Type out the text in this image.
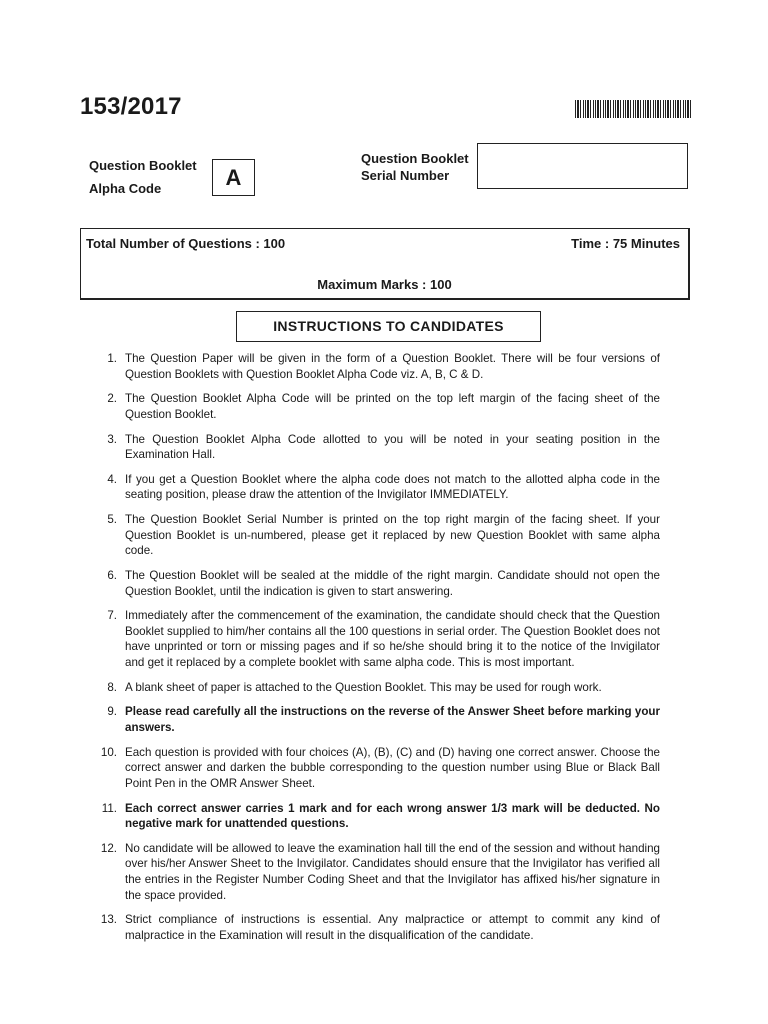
153/2017
Question Booklet
Alpha Code	A
Question Booklet
Serial Number
Total Number of Questions : 100	Time : 75 Minutes
Maximum Marks : 100
INSTRUCTIONS TO CANDIDATES
1. The Question Paper will be given in the form of a Question Booklet. There will be four versions of Question Booklets with Question Booklet Alpha Code viz. A, B, C & D.
2. The Question Booklet Alpha Code will be printed on the top left margin of the facing sheet of the Question Booklet.
3. The Question Booklet Alpha Code allotted to you will be noted in your seating position in the Examination Hall.
4. If you get a Question Booklet where the alpha code does not match to the allotted alpha code in the seating position, please draw the attention of the Invigilator IMMEDIATELY.
5. The Question Booklet Serial Number is printed on the top right margin of the facing sheet. If your Question Booklet is un-numbered, please get it replaced by new Question Booklet with same alpha code.
6. The Question Booklet will be sealed at the middle of the right margin. Candidate should not open the Question Booklet, until the indication is given to start answering.
7. Immediately after the commencement of the examination, the candidate should check that the Question Booklet supplied to him/her contains all the 100 questions in serial order. The Question Booklet does not have unprinted or torn or missing pages and if so he/she should bring it to the notice of the Invigilator and get it replaced by a complete booklet with same alpha code. This is most important.
8. A blank sheet of paper is attached to the Question Booklet. This may be used for rough work.
9. Please read carefully all the instructions on the reverse of the Answer Sheet before marking your answers.
10. Each question is provided with four choices (A), (B), (C) and (D) having one correct answer. Choose the correct answer and darken the bubble corresponding to the question number using Blue or Black Ball Point Pen in the OMR Answer Sheet.
11. Each correct answer carries 1 mark and for each wrong answer 1/3 mark will be deducted. No negative mark for unattended questions.
12. No candidate will be allowed to leave the examination hall till the end of the session and without handing over his/her Answer Sheet to the Invigilator. Candidates should ensure that the Invigilator has verified all the entries in the Register Number Coding Sheet and that the Invigilator has affixed his/her signature in the space provided.
13. Strict compliance of instructions is essential. Any malpractice or attempt to commit any kind of malpractice in the Examination will result in the disqualification of the candidate.
